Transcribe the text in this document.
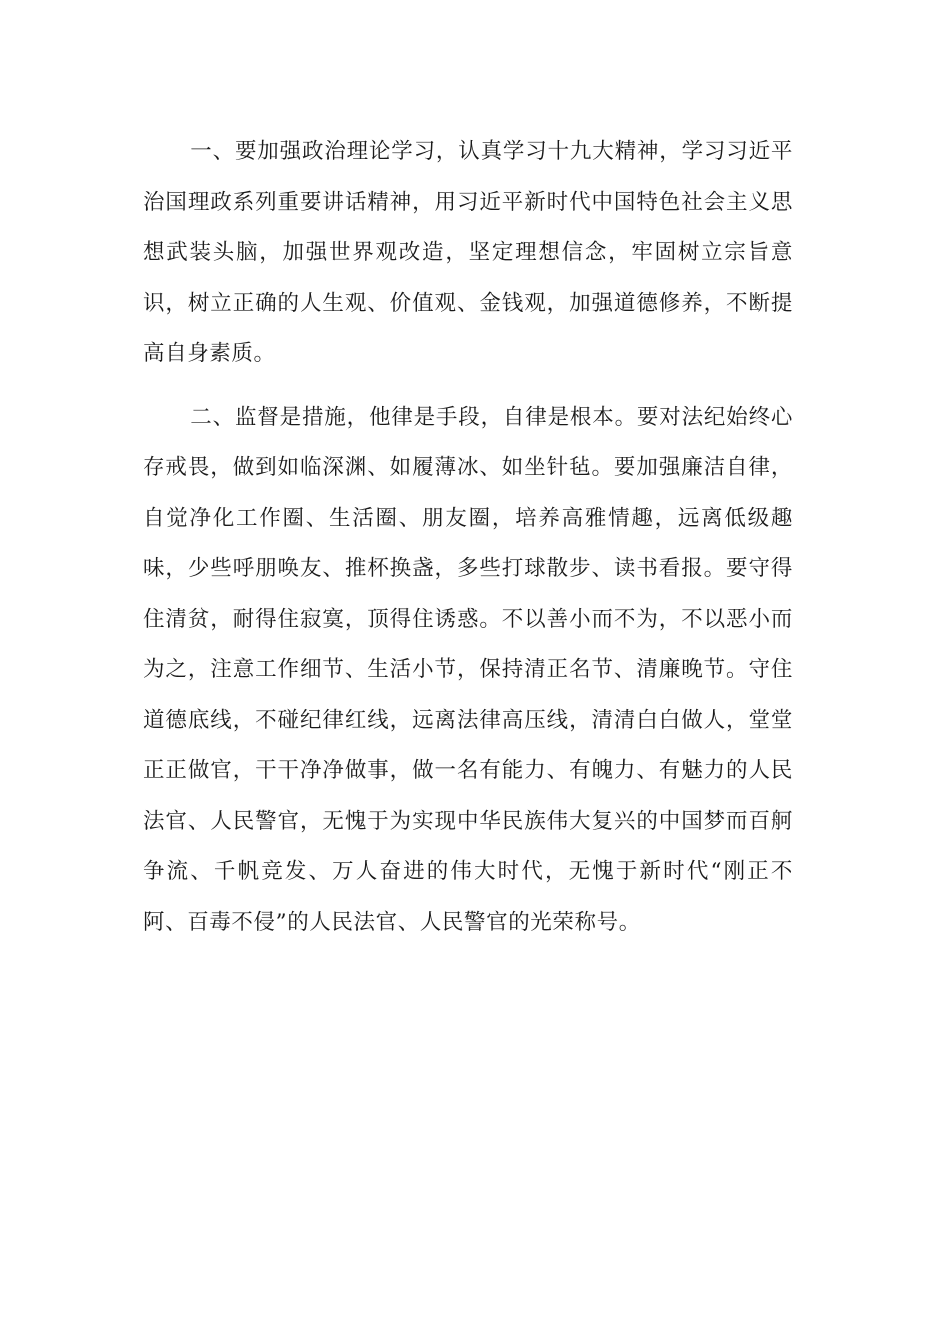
一、要加强政治理论学习，认真学习十九大精神，学习习近平治国理政系列重要讲话精神，用习近平新时代中国特色社会主义思想武装头脑，加强世界观改造，坚定理想信念，牢固树立宗旨意识，树立正确的人生观、价值观、金钱观，加强道德修养，不断提高自身素质。

二、监督是措施，他律是手段，自律是根本。要对法纪始终心存戒畏，做到如临深渊、如履薄冰、如坐针毡。要加强廉洁自律，自觉净化工作圈、生活圈、朋友圈，培养高雅情趣，远离低级趣味，少些呼朋唤友、推杯换盏，多些打球散步、读书看报。要守得住清贫，耐得住寂寞，顶得住诱惑。不以善小而不为，不以恶小而为之，注意工作细节、生活小节，保持清正名节、清廉晚节。守住道德底线，不碰纪律红线，远离法律高压线，清清白白做人，堂堂正正做官，干干净净做事，做一名有能力、有魄力、有魅力的人民法官、人民警官，无愧于为实现中华民族伟大复兴的中国梦而百舸争流、千帆竞发、万人奋进的伟大时代，无愧于新时代“刚正不阿、百毒不侵”的人民法官、人民警官的光荣称号。
